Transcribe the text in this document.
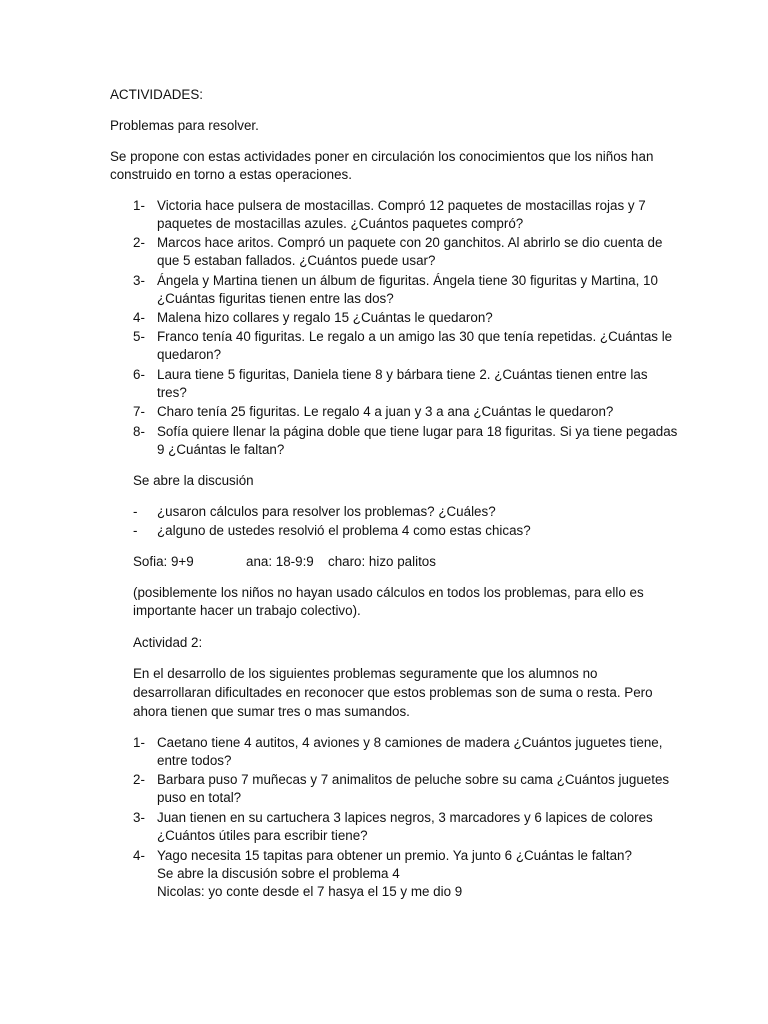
ACTIVIDADES:
Problemas para resolver.
Se propone con estas actividades poner en circulación los conocimientos que los niños han
construido en torno a estas operaciones.
1- Victoria hace pulsera de mostacillas. Compró 12 paquetes de mostacillas rojas y 7
paquetes de mostacillas azules. ¿Cuántos paquetes compró?
2- Marcos hace aritos. Compró un paquete con 20 ganchitos. Al abrirlo se dio cuenta de
que 5 estaban fallados. ¿Cuántos puede usar?
3- Ángela y Martina tienen un álbum de figuritas. Ángela tiene 30 figuritas y Martina, 10
¿Cuántas figuritas tienen entre las dos?
4- Malena hizo collares y regalo 15 ¿Cuántas le quedaron?
5- Franco tenía 40 figuritas. Le regalo a un amigo las 30 que tenía repetidas. ¿Cuántas le
quedaron?
6- Laura tiene 5 figuritas, Daniela tiene 8 y bárbara tiene 2. ¿Cuántas tienen entre las
tres?
7- Charo tenía 25 figuritas. Le regalo 4 a juan y 3 a ana ¿Cuántas le quedaron?
8- Sofía quiere llenar la página doble que tiene lugar para 18 figuritas. Si ya tiene pegadas
9 ¿Cuántas le faltan?
Se abre la discusión
- ¿usaron cálculos para resolver los problemas? ¿Cuáles?
- ¿alguno de ustedes resolvió el problema 4 como estas chicas?
Sofia: 9+9	ana: 18-9:9 charo: hizo palitos
(posiblemente los niños no hayan usado cálculos en todos los problemas, para ello es
importante hacer un trabajo colectivo).
Actividad 2:
En el desarrollo de los siguientes problemas seguramente que los alumnos no
desarrollaran dificultades en reconocer que estos problemas son de suma o resta. Pero
ahora tienen que sumar tres o mas sumandos.
1- Caetano tiene 4 autitos, 4 aviones y 8 camiones de madera ¿Cuántos juguetes tiene,
entre todos?
2- Barbara puso 7 muñecas y 7 animalitos de peluche sobre su cama ¿Cuántos juguetes
puso en total?
3- Juan tienen en su cartuchera 3 lapices negros, 3 marcadores y 6 lapices de colores
¿Cuántos útiles para escribir tiene?
4- Yago necesita 15 tapitas para obtener un premio. Ya junto 6 ¿Cuántas le faltan?
Se abre la discusión sobre el problema 4
Nicolas: yo conte desde el 7 hasya el 15 y me dio 9
